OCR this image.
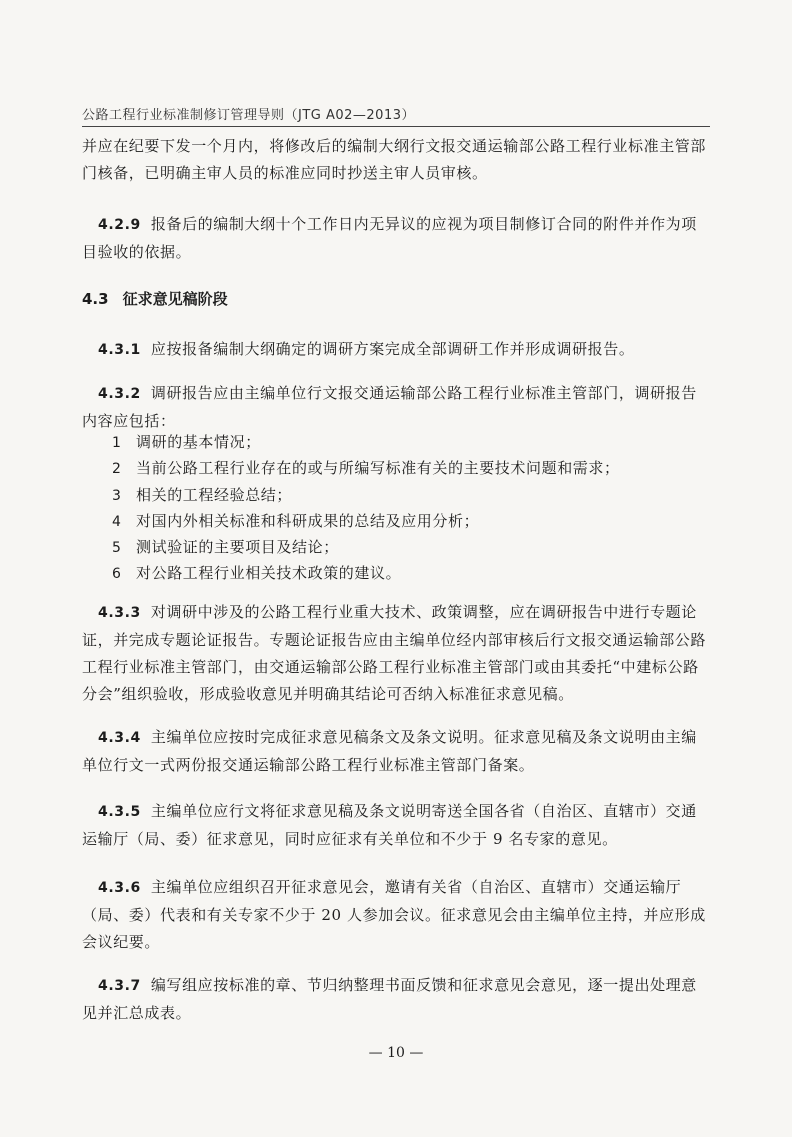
公路工程行业标准制修订管理导则（JTG A02—2013）

并应在纪要下发一个月内，将修改后的编制大纲行文报交通运输部公路工程行业标准主管部门核备，已明确主审人员的标准应同时抄送主审人员审核。

4.2.9 报备后的编制大纲十个工作日内无异议的应视为项目制修订合同的附件并作为项目验收的依据。

4.3 征求意见稿阶段

4.3.1 应按报备编制大纲确定的调研方案完成全部调研工作并形成调研报告。

4.3.2 调研报告应由主编单位行文报交通运输部公路工程行业标准主管部门，调研报告内容应包括：

1 调研的基本情况；
2 当前公路工程行业存在的或与所编写标准有关的主要技术问题和需求；
3 相关的工程经验总结；
4 对国内外相关标准和科研成果的总结及应用分析；
5 测试验证的主要项目及结论；
6 对公路工程行业相关技术政策的建议。

4.3.3 对调研中涉及的公路工程行业重大技术、政策调整，应在调研报告中进行专题论证，并完成专题论证报告。专题论证报告应由主编单位经内部审核后行文报交通运输部公路工程行业标准主管部门，由交通运输部公路工程行业标准主管部门或由其委托“中建标公路分会”组织验收，形成验收意见并明确其结论可否纳入标准征求意见稿。

4.3.4 主编单位应按时完成征求意见稿条文及条文说明。征求意见稿及条文说明由主编单位行文一式两份报交通运输部公路工程行业标准主管部门备案。

4.3.5 主编单位应行文将征求意见稿及条文说明寄送全国各省（自治区、直辖市）交通运输厅（局、委）征求意见，同时应征求有关单位和不少于 9 名专家的意见。

4.3.6 主编单位应组织召开征求意见会，邀请有关省（自治区、直辖市）交通运输厅（局、委）代表和有关专家不少于 20 人参加会议。征求意见会由主编单位主持，并应形成会议纪要。

4.3.7 编写组应按标准的章、节归纳整理书面反馈和征求意见会意见，逐一提出处理意见并汇总成表。

— 10 —
